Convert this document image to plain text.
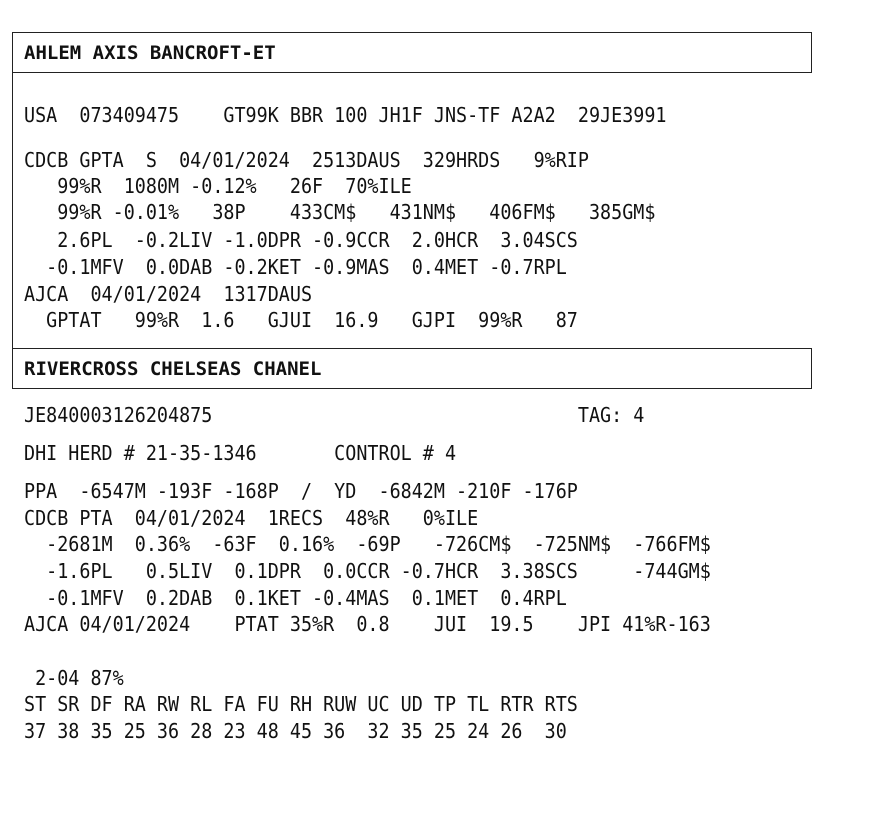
AHLEM AXIS BANCROFT-ET

USA  073409475    GT99K BBR 100 JH1F JNS-TF A2A2  29JE3991

CDCB GPTA  S  04/01/2024  2513DAUS  329HRDS   9%RIP

99%R  1080M -0.12%   26F  70%ILE

99%R -0.01%   38P    433CM$   431NM$   406FM$   385GM$

2.6PL  -0.2LIV -1.0DPR -0.9CCR  2.0HCR  3.04SCS

-0.1MFV  0.0DAB -0.2KET -0.9MAS  0.4MET -0.7RPL

AJCA  04/01/2024  1317DAUS

GPTAT   99%R  1.6   GJUI  16.9   GJPI  99%R   87

RIVERCROSS CHELSEAS CHANEL

JE840003126204875                                 TAG: 4

DHI HERD # 21-35-1346       CONTROL # 4

PPA  -6547M -193F -168P  /  YD  -6842M -210F -176P

CDCB PTA  04/01/2024  1RECS  48%R   0%ILE

-2681M  0.36%  -63F  0.16%  -69P   -726CM$  -725NM$  -766FM$

-1.6PL   0.5LIV  0.1DPR  0.0CCR -0.7HCR  3.38SCS     -744GM$

-0.1MFV  0.2DAB  0.1KET -0.4MAS  0.1MET  0.4RPL

AJCA 04/01/2024    PTAT 35%R  0.8    JUI  19.5    JPI 41%R-163

2-04 87%

ST SR DF RA RW RL FA FU RH RUW UC UD TP TL RTR RTS

37 38 35 25 36 28 23 48 45 36  32 35 25 24 26  30
